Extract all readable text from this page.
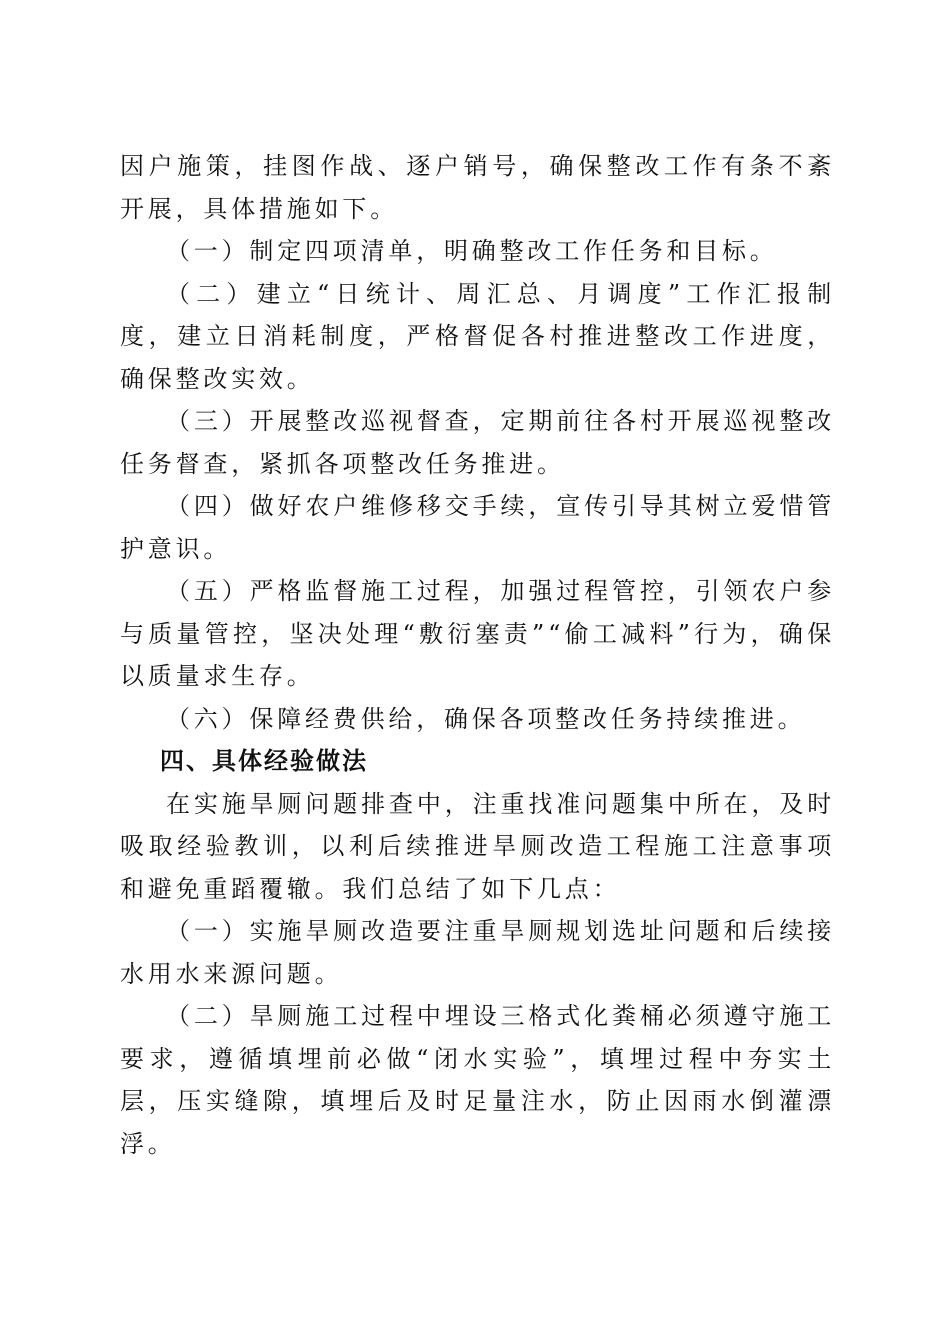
因户施策，挂图作战、逐户销号，确保整改工作有条不紊开展，具体措施如下。

（一）制定四项清单，明确整改工作任务和目标。

（二）建立“日统计、周汇总、月调度”工作汇报制度，建立日消耗制度，严格督促各村推进整改工作进度，确保整改实效。

（三）开展整改巡视督查，定期前往各村开展巡视整改任务督查，紧抓各项整改任务推进。

（四）做好农户维修移交手续，宣传引导其树立爱惜管护意识。

（五）严格监督施工过程，加强过程管控，引领农户参与质量管控，坚决处理“敷衍塞责”“偷工减料”行为，确保以质量求生存。

（六）保障经费供给，确保各项整改任务持续推进。

四、具体经验做法

在实施旱厕问题排查中，注重找准问题集中所在，及时吸取经验教训，以利后续推进旱厕改造工程施工注意事项和避免重蹈覆辙。我们总结了如下几点：

（一）实施旱厕改造要注重旱厕规划选址问题和后续接水用水来源问题。

（二）旱厕施工过程中埋设三格式化粪桶必须遵守施工要求，遵循填埋前必做“闭水实验”，填埋过程中夯实土层，压实缝隙，填埋后及时足量注水，防止因雨水倒灌漂浮。
